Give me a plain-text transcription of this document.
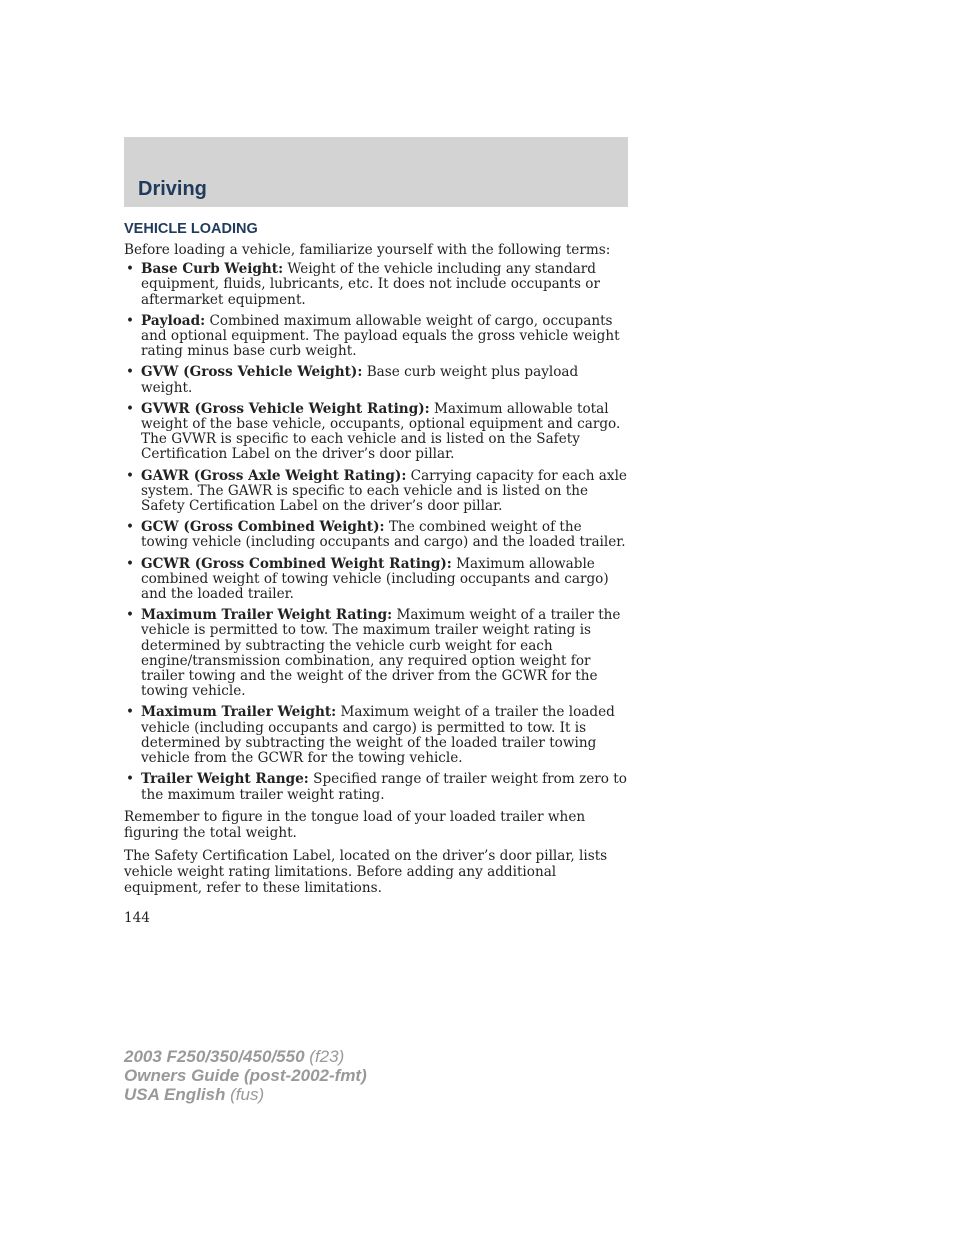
Driving
VEHICLE LOADING

Before loading a vehicle, familiarize yourself with the following terms:

• Base Curb Weight: Weight of the vehicle including any standard equipment, fluids, lubricants, etc. It does not include occupants or aftermarket equipment.
• Payload: Combined maximum allowable weight of cargo, occupants and optional equipment. The payload equals the gross vehicle weight rating minus base curb weight.
• GVW (Gross Vehicle Weight): Base curb weight plus payload weight.
• GVWR (Gross Vehicle Weight Rating): Maximum allowable total weight of the base vehicle, occupants, optional equipment and cargo. The GVWR is specific to each vehicle and is listed on the Safety Certification Label on the driver’s door pillar.
• GAWR (Gross Axle Weight Rating): Carrying capacity for each axle system. The GAWR is specific to each vehicle and is listed on the Safety Certification Label on the driver’s door pillar.
• GCW (Gross Combined Weight): The combined weight of the towing vehicle (including occupants and cargo) and the loaded trailer.
• GCWR (Gross Combined Weight Rating): Maximum allowable combined weight of towing vehicle (including occupants and cargo) and the loaded trailer.
• Maximum Trailer Weight Rating: Maximum weight of a trailer the vehicle is permitted to tow. The maximum trailer weight rating is determined by subtracting the vehicle curb weight for each engine/transmission combination, any required option weight for trailer towing and the weight of the driver from the GCWR for the towing vehicle.
• Maximum Trailer Weight: Maximum weight of a trailer the loaded vehicle (including occupants and cargo) is permitted to tow. It is determined by subtracting the weight of the loaded trailer towing vehicle from the GCWR for the towing vehicle.
• Trailer Weight Range: Specified range of trailer weight from zero to the maximum trailer weight rating.

Remember to figure in the tongue load of your loaded trailer when figuring the total weight.

The Safety Certification Label, located on the driver’s door pillar, lists vehicle weight rating limitations. Before adding any additional equipment, refer to these limitations.

144
2003 F250/350/450/550 (f23)
Owners Guide (post-2002-fmt)
USA English (fus)
